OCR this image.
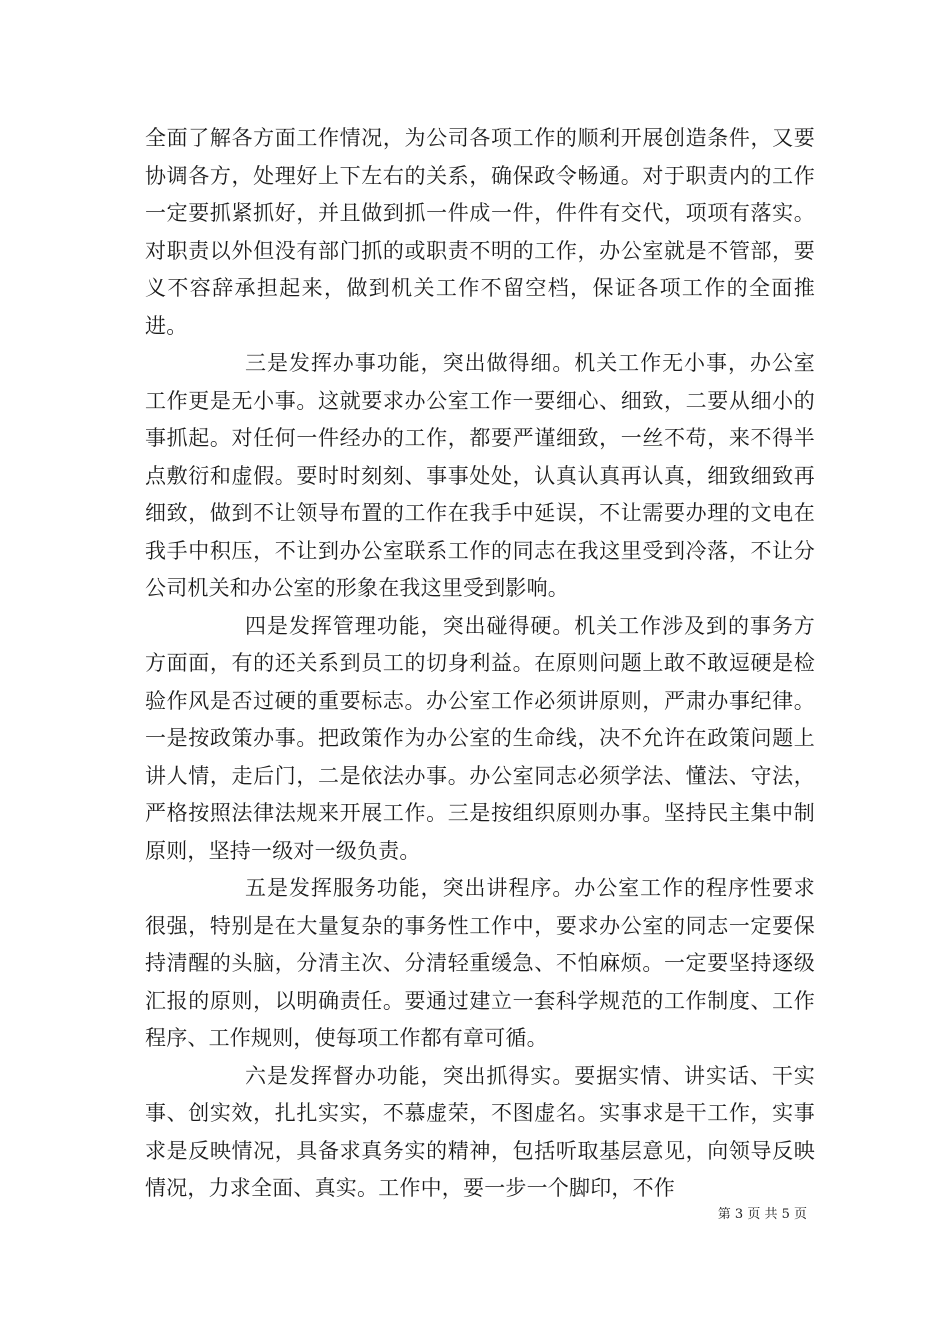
全面了解各方面工作情况，为公司各项工作的顺利开展创造条件，又要协调各方，处理好上下左右的关系，确保政令畅通。对于职责内的工作一定要抓紧抓好，并且做到抓一件成一件，件件有交代，项项有落实。对职责以外但没有部门抓的或职责不明的工作，办公室就是不管部，要义不容辞承担起来，做到机关工作不留空档，保证各项工作的全面推进。

三是发挥办事功能，突出做得细。机关工作无小事，办公室工作更是无小事。这就要求办公室工作一要细心、细致，二要从细小的事抓起。对任何一件经办的工作，都要严谨细致，一丝不苟，来不得半点敷衍和虚假。要时时刻刻、事事处处，认真认真再认真，细致细致再细致，做到不让领导布置的工作在我手中延误，不让需要办理的文电在我手中积压，不让到办公室联系工作的同志在我这里受到冷落，不让分公司机关和办公室的形象在我这里受到影响。

四是发挥管理功能，突出碰得硬。机关工作涉及到的事务方方面面，有的还关系到员工的切身利益。在原则问题上敢不敢逗硬是检验作风是否过硬的重要标志。办公室工作必须讲原则，严肃办事纪律。一是按政策办事。把政策作为办公室的生命线，决不允许在政策问题上讲人情，走后门，二是依法办事。办公室同志必须学法、懂法、守法，严格按照法律法规来开展工作。三是按组织原则办事。坚持民主集中制原则，坚持一级对一级负责。

五是发挥服务功能，突出讲程序。办公室工作的程序性要求很强，特别是在大量复杂的事务性工作中，要求办公室的同志一定要保持清醒的头脑，分清主次、分清轻重缓急、不怕麻烦。一定要坚持逐级汇报的原则，以明确责任。要通过建立一套科学规范的工作制度、工作程序、工作规则，使每项工作都有章可循。

六是发挥督办功能，突出抓得实。要据实情、讲实话、干实事、创实效，扎扎实实，不慕虚荣，不图虚名。实事求是干工作，实事求是反映情况，具备求真务实的精神，包括听取基层意见，向领导反映情况，力求全面、真实。工作中，要一步一个脚印，不作

第 3 页 共 5 页
